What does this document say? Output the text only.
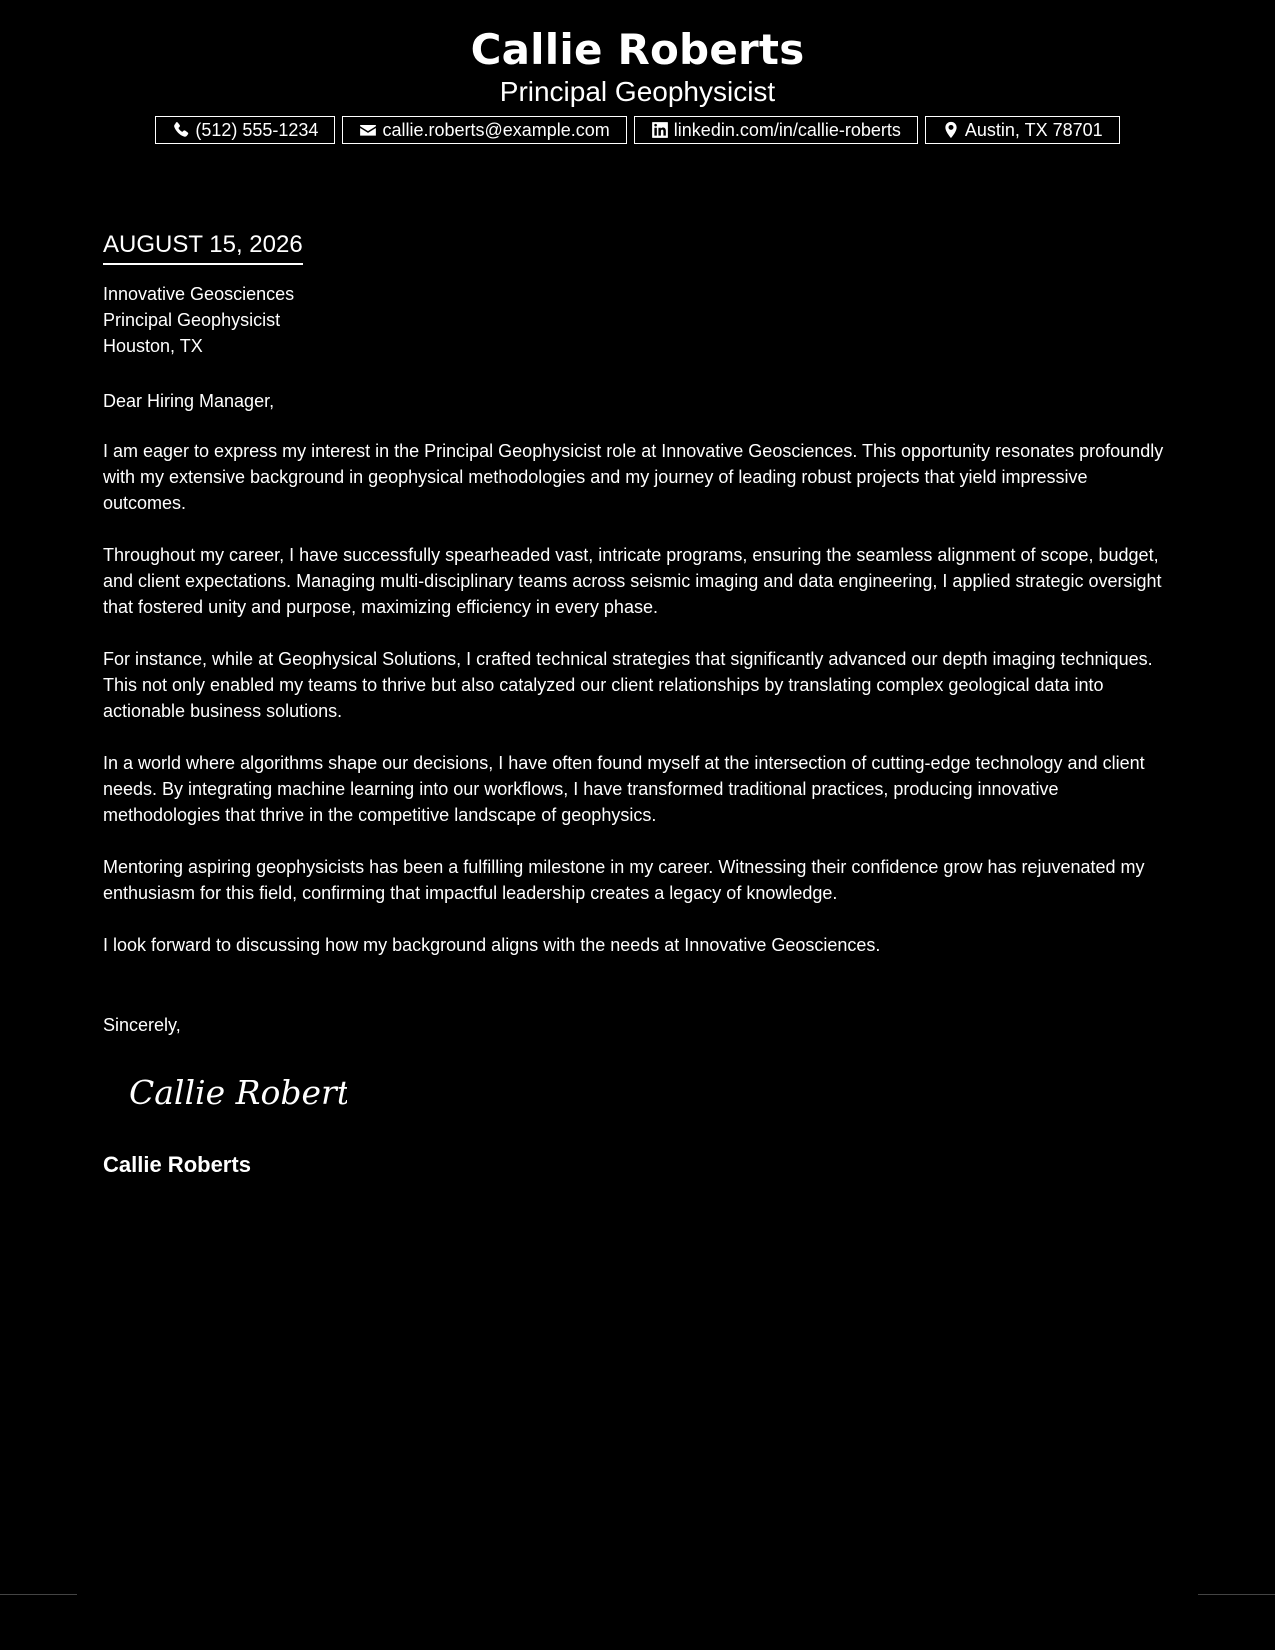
Callie Roberts
Principal Geophysicist
(512) 555-1234	callie.roberts@example.com	linkedin.com/in/callie-roberts	Austin, TX 78701
AUGUST 15, 2026
Innovative Geosciences
Principal Geophysicist
Houston, TX
Dear Hiring Manager,

I am eager to express my interest in the Principal Geophysicist role at Innovative Geosciences. This opportunity resonates profoundly with my extensive background in geophysical methodologies and my journey of leading robust projects that yield impressive outcomes.

Throughout my career, I have successfully spearheaded vast, intricate programs, ensuring the seamless alignment of scope, budget, and client expectations. Managing multi-disciplinary teams across seismic imaging and data engineering, I applied strategic oversight that fostered unity and purpose, maximizing efficiency in every phase.

For instance, while at Geophysical Solutions, I crafted technical strategies that significantly advanced our depth imaging techniques. This not only enabled my teams to thrive but also catalyzed our client relationships by translating complex geological data into actionable business solutions.

In a world where algorithms shape our decisions, I have often found myself at the intersection of cutting-edge technology and client needs. By integrating machine learning into our workflows, I have transformed traditional practices, producing innovative methodologies that thrive in the competitive landscape of geophysics.

Mentoring aspiring geophysicists has been a fulfilling milestone in my career. Witnessing their confidence grow has rejuvenated my enthusiasm for this field, confirming that impactful leadership creates a legacy of knowledge.

I look forward to discussing how my background aligns with the needs at Innovative Geosciences.

Sincerely,
Callie Roberts
Callie Roberts
